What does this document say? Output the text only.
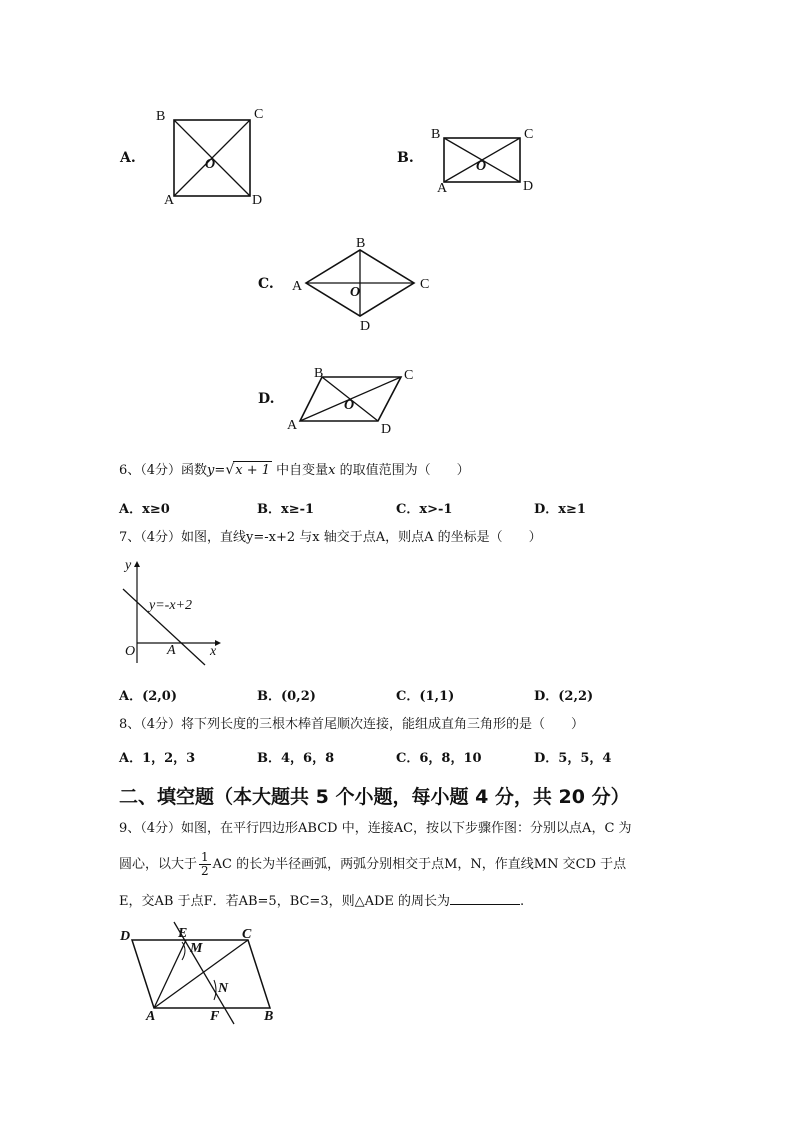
A.
B	C
A	D
O	B.
B	C
A	D
O
C.
B
C
A
D
O
D.
B	C
A	D
O
6、（4分）函数y=√x + 1 中自变量x 的取值范围为（　　）
A．x≥0	B．x≥-1	C．x>-1	D．x≥1
7、（4分）如图，直线y=-x+2 与x 轴交于点A，则点A 的坐标是（　　）
y
x
O A
y=-x+2
A．(2,0)	B．(0,2)	C．(1,1)	D．(2,2)
8、（4分）将下列长度的三根木棒首尾顺次连接，能组成直角三角形的是（　　）
A．1，2，3	B．4，6，8	C．6，8，10	D．5，5，4
二、填空题（本大题共 5 个小题，每小题 4 分，共 20 分）
9、（4分）如图，在平行四边形ABCD 中，连接AC，按以下步骤作图：分别以点A，C 为
圆心，以大于 $\frac{1}{2}$ AC 的长为半径画弧，两弧分别相交于点M，N，作直线MN 交CD 于点
E，交AB 于点F．若AB=5，BC=3，则△ADE 的周长为	.
D	E	C
M
N
A	F	B
